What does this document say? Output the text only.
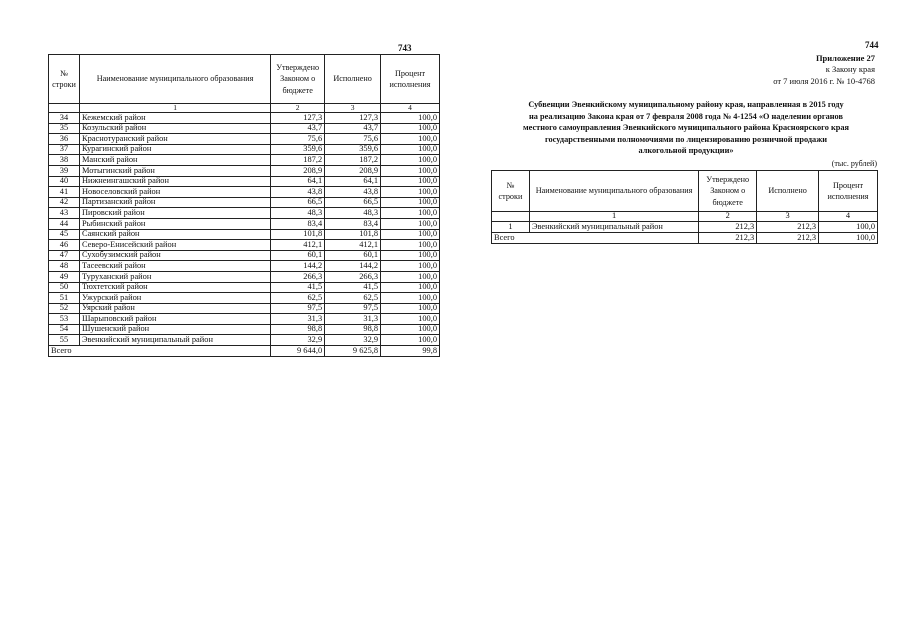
743
№ строки	Наименование муниципального образования	Утверждено Законом о бюджете	Исполнено	Процент исполнения
	1	2	3	4
34	Кежемский район	127,3	127,3	100,0
35	Козульский район	43,7	43,7	100,0
36	Краснотуранский район	75,6	75,6	100,0
37	Курагинский район	359,6	359,6	100,0
38	Манский район	187,2	187,2	100,0
39	Мотыгинский район	208,9	208,9	100,0
40	Нижнеингашский район	64,1	64,1	100,0
41	Новоселовский район	43,8	43,8	100,0
42	Партизанский район	66,5	66,5	100,0
43	Пировский район	48,3	48,3	100,0
44	Рыбинский район	83,4	83,4	100,0
45	Саянский район	101,8	101,8	100,0
46	Северо-Енисейский район	412,1	412,1	100,0
47	Сухобузимский район	60,1	60,1	100,0
48	Тасеевский район	144,2	144,2	100,0
49	Туруханский район	266,3	266,3	100,0
50	Тюхтетский район	41,5	41,5	100,0
51	Ужурский район	62,5	62,5	100,0
52	Уярский район	97,5	97,5	100,0
53	Шарыповский район	31,3	31,3	100,0
54	Шушенский район	98,8	98,8	100,0
55	Эвенкийский муниципальный район	32,9	32,9	100,0
Всего		9 644,0	9 625,8	99,8
744
Приложение 27
к Закону края
от 7 июля 2016 г. № 10-4768
Субвенции Эвенкийскому муниципальному району края, направленная в 2015 году
на реализацию Закона края от 7 февраля 2008 года № 4-1254 «О наделении органов
местного самоуправления Эвенкийского муниципального района Красноярского края
государственными полномочиями по лицензированию розничной продажи
алкогольной продукции»
(тыс. рублей)
№ строки	Наименование муниципального образования	Утверждено Законом о бюджете	Исполнено	Процент исполнения
	1	2	3	4
1	Эвенкийский муниципальный район	212,3	212,3	100,0
Всего		212,3	212,3	100,0
